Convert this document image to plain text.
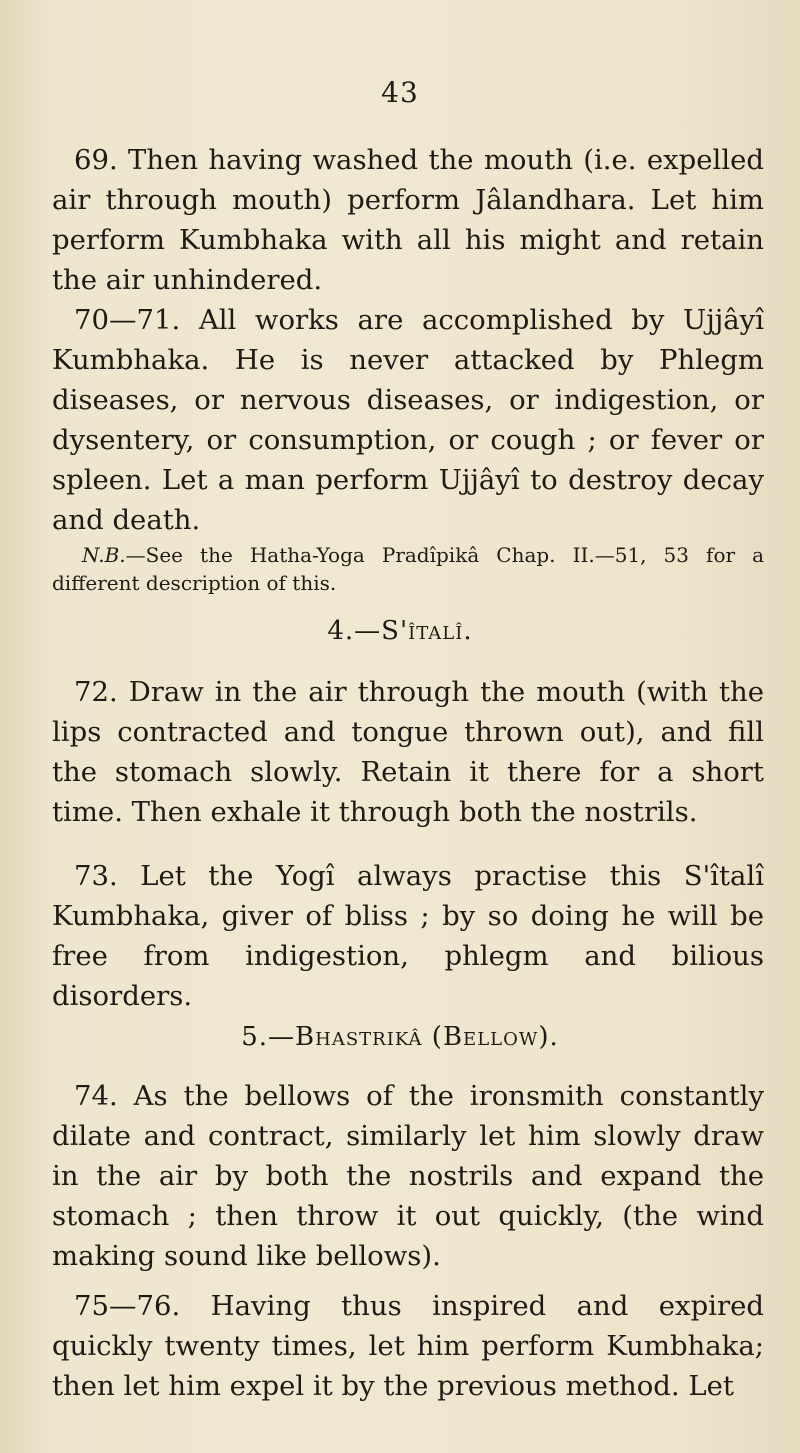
43

69. Then having washed the mouth (i.e. expelled air through mouth) perform Jâlandhara. Let him perform Kumbhaka with all his might and retain the air unhindered.

70—71. All works are accomplished by Ujjâyî Kumbhaka. He is never attacked by Phlegm diseases, or nervous diseases, or indigestion, or dysentery, or consumption, or cough ; or fever or spleen. Let a man perform Ujjâyî to destroy decay and death.

N.B.—See the Hatha-Yoga Pradîpikâ Chap. II.—51, 53 for a different description of this.

4.—S'îtalî.

72. Draw in the air through the mouth (with the lips contracted and tongue thrown out), and fill the stomach slowly. Retain it there for a short time. Then exhale it through both the nostrils.

73. Let the Yogî always practise this S'îtalî Kumbhaka, giver of bliss ; by so doing he will be free from indigestion, phlegm and bilious disorders.

5.—Bhastrikâ (Bellow).

74. As the bellows of the ironsmith constantly dilate and contract, similarly let him slowly draw in the air by both the nostrils and expand the stomach ; then throw it out quickly, (the wind making sound like bellows).

75—76. Having thus inspired and expired quickly twenty times, let him perform Kumbhaka; then let him expel it by the previous method. Let
